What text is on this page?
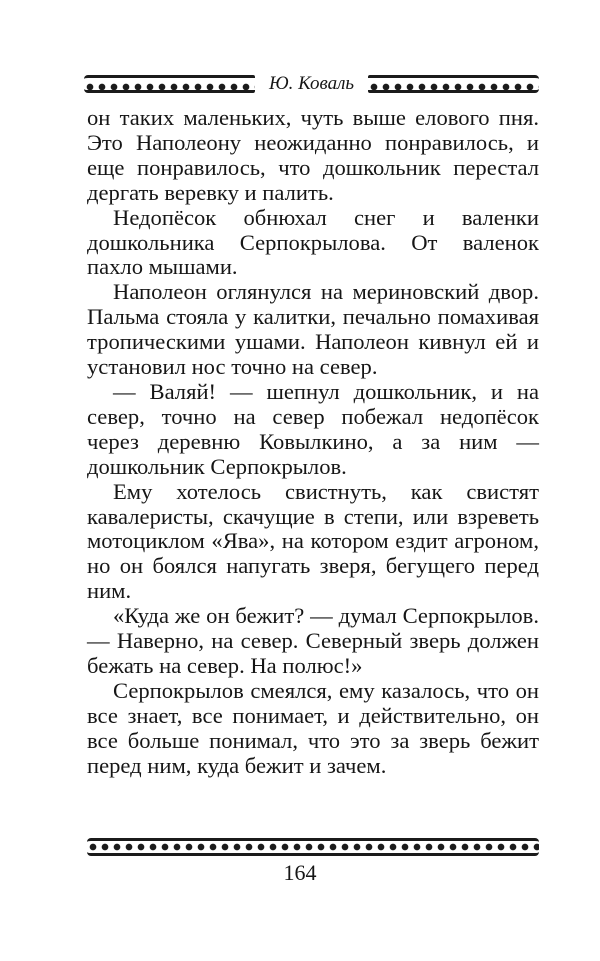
Ю. Коваль

он таких маленьких, чуть выше елового пня. Это Наполеону неожиданно понравилось, и еще понравилось, что дошкольник перестал дергать веревку и палить.

Недопёсок обнюхал снег и валенки дошкольника Серпокрылова. От валенок пахло мышами.

Наполеон оглянулся на мериновский двор. Пальма стояла у калитки, печально помахивая тропическими ушами. Наполеон кивнул ей и установил нос точно на север.

— Валяй! — шепнул дошкольник, и на север, точно на север побежал недопёсок через деревню Ковылкино, а за ним — дошкольник Серпокрылов.

Ему хотелось свистнуть, как свистят кавалеристы, скачущие в степи, или взреветь мотоциклом «Ява», на котором ездит агроном, но он боялся напугать зверя, бегущего перед ним.

«Куда же он бежит? — думал Серпокрылов. — Наверно, на север. Северный зверь должен бежать на север. На полюс!»

Серпокрылов смеялся, ему казалось, что он все знает, все понимает, и действительно, он все больше понимал, что это за зверь бежит перед ним, куда бежит и зачем.

164
